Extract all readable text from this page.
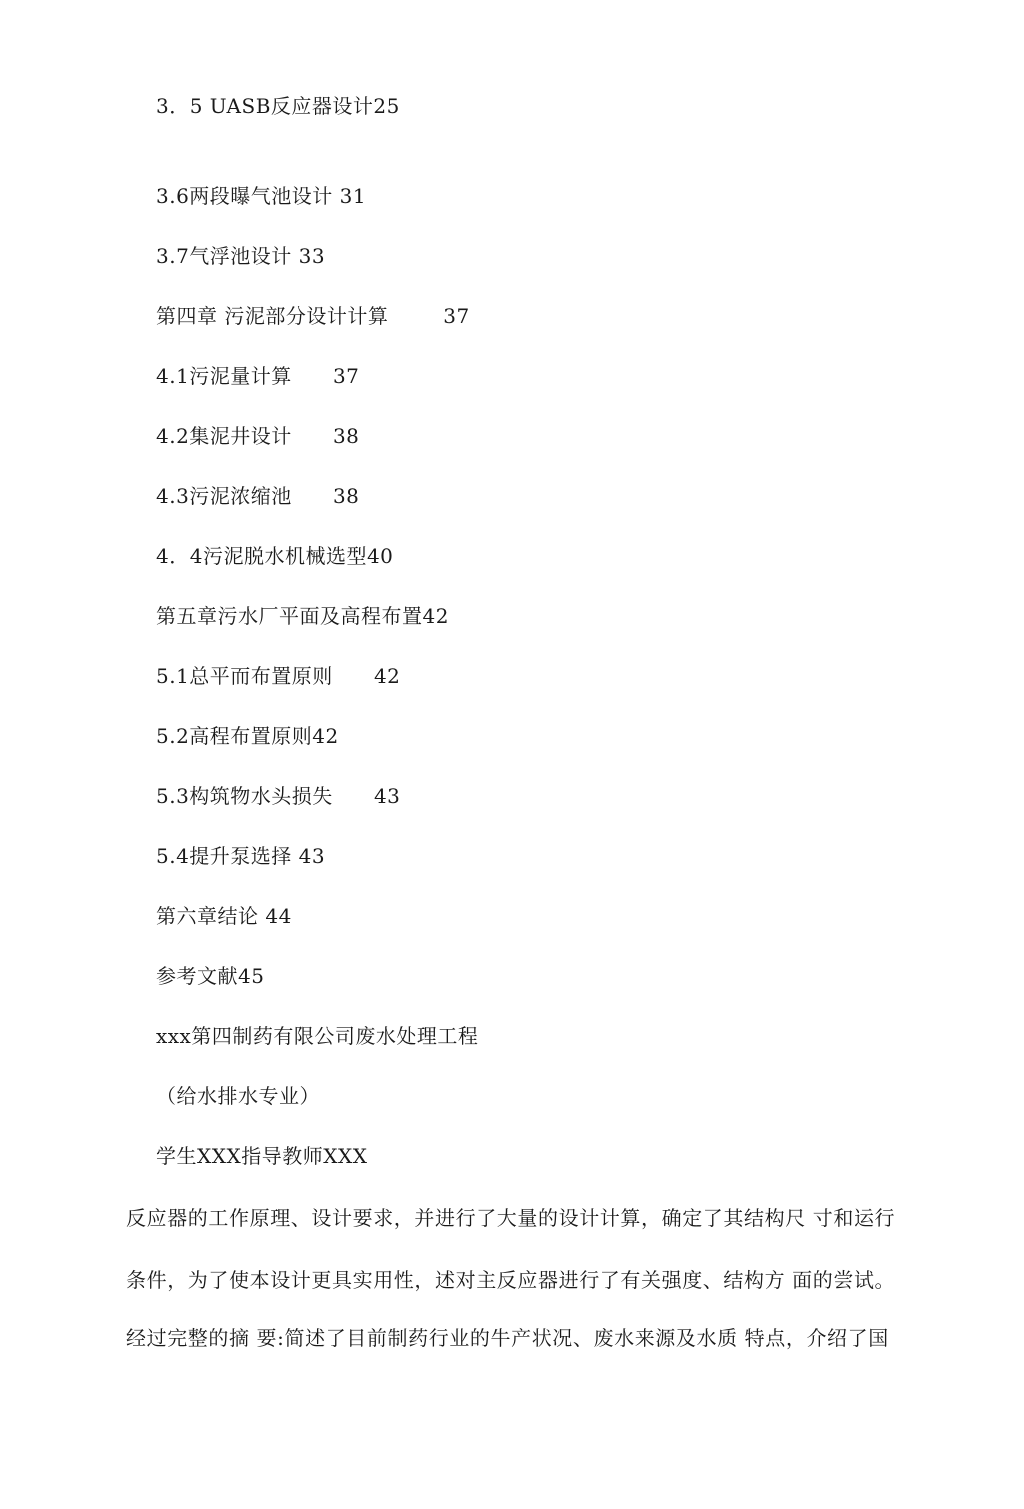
3．5 UASB反应器设计25
3.6两段曝气池设计 31
3.7气浮池设计 33
第四章 污泥部分设计计算        37
4.1污泥量计算      37
4.2集泥井设计      38
4.3污泥浓缩池      38
4．4污泥脱水机械选型40
第五章污水厂平面及高程布置42
5.1总平而布置原则      42
5.2高程布置原则42
5.3构筑物水头损失      43
5.4提升泵选择 43
第六章结论 44
参考文献45
xxx第四制药有限公司废水处理工程
（给水排水专业）
学生XXX指导教师XXX
反应器的工作原理、设计要求，并进行了大量的设计计算，确定了其结构尺 寸和运行
条件，为了使本设计更具实用性，述对主反应器进行了有关强度、结构方 面的尝试。
经过完整的摘 要:简述了目前制药行业的牛产状况、废水来源及水质 特点，介绍了国
